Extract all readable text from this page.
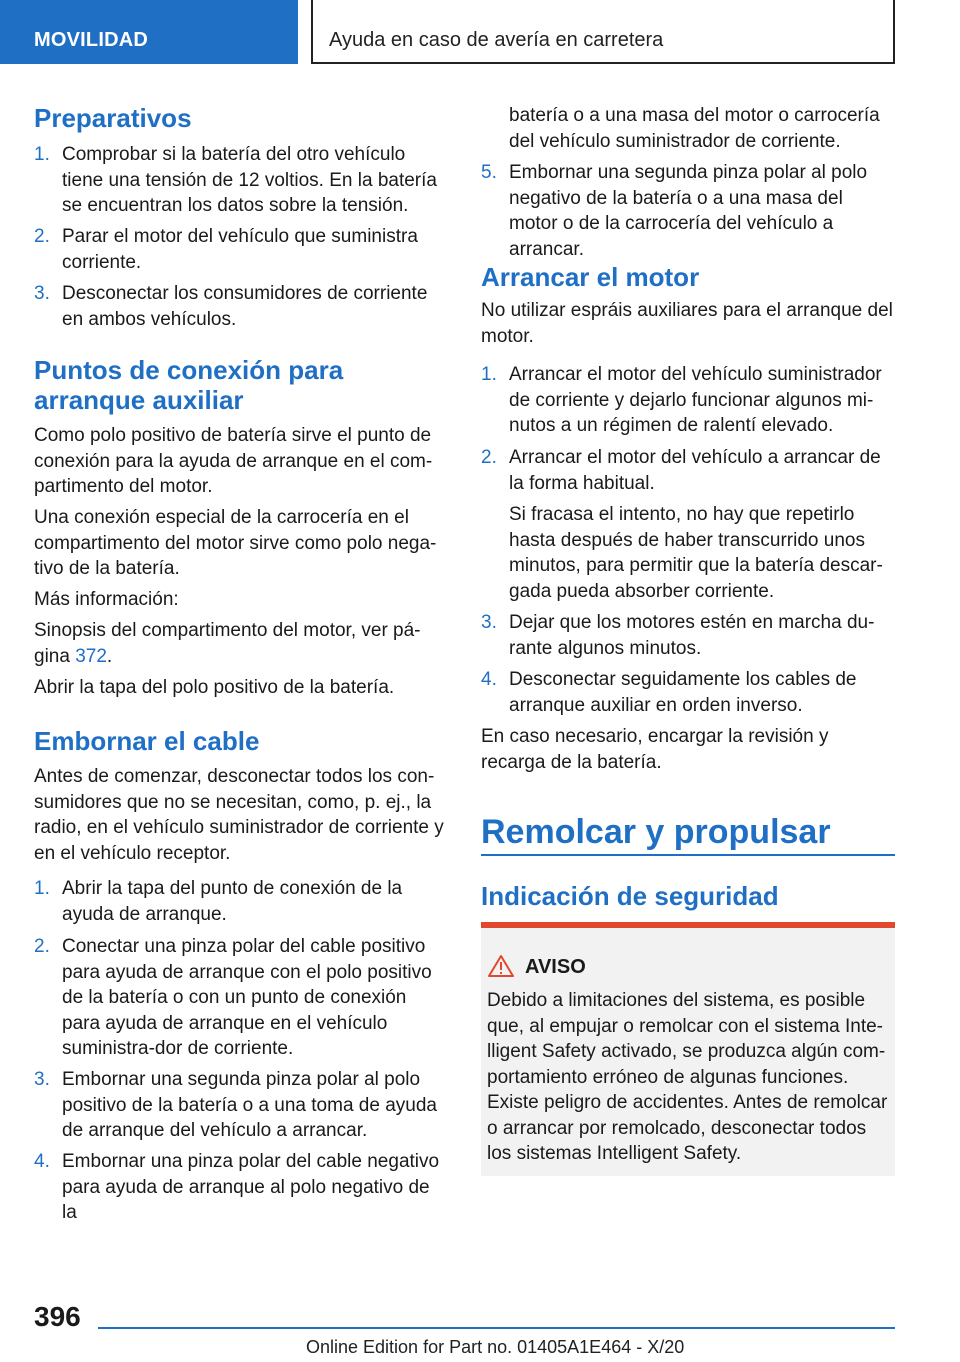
MOVILIDAD	Ayuda en caso de avería en carretera
Preparativos
1. Comprobar si la batería del otro vehículo tiene una tensión de 12 voltios. En la batería se encuentran los datos sobre la tensión.
2. Parar el motor del vehículo que suministra corriente.
3. Desconectar los consumidores de corriente en ambos vehículos.
Puntos de conexión para
arranque auxiliar

Como polo positivo de batería sirve el punto de conexión para la ayuda de arranque en el com‐partimento del motor.

Una conexión especial de la carrocería en el compartimento del motor sirve como polo nega‐tivo de la batería.

Más información:

Sinopsis del compartimento del motor, ver pá‐gina 372.

Abrir la tapa del polo positivo de la batería.

Embornar el cable

Antes de comenzar, desconectar todos los con‐sumidores que no se necesitan, como, p. ej., la radio, en el vehículo suministrador de corriente y en el vehículo receptor.

1. Abrir la tapa del punto de conexión de la ayuda de arranque.
2. Conectar una pinza polar del cable positivo para ayuda de arranque con el polo positivo de la batería o con un punto de conexión para ayuda de arranque en el vehículo suministra‐dor de corriente.
3. Embornar una segunda pinza polar al polo positivo de la batería o a una toma de ayuda de arranque del vehículo a arrancar.
4. Embornar una pinza polar del cable negativo para ayuda de arranque al polo negativo de la
batería o a una masa del motor o carrocería del vehículo suministrador de corriente.
5. Embornar una segunda pinza polar al polo negativo de la batería o a una masa del motor o de la carrocería del vehículo a arrancar.
Arrancar el motor

No utilizar espráis auxiliares para el arranque del motor.

1. Arrancar el motor del vehículo suministrador de corriente y dejarlo funcionar algunos mi‐nutos a un régimen de ralentí elevado.
2. Arrancar el motor del vehículo a arrancar de la forma habitual.
Si fracasa el intento, no hay que repetirlo hasta después de haber transcurrido unos minutos, para permitir que la batería descar‐gada pueda absorber corriente.
3. Dejar que los motores estén en marcha du‐rante algunos minutos.
4. Desconectar seguidamente los cables de arranque auxiliar en orden inverso.

En caso necesario, encargar la revisión y recarga de la batería.

Remolcar y propulsar
Indicación de seguridad
AVISO
Debido a limitaciones del sistema, es posible que, al empujar o remolcar con el sistema Inte‐lligent Safety activado, se produzca algún com‐portamiento erróneo de algunas funciones. Existe peligro de accidentes. Antes de remolcar o arrancar por remolcado, desconectar todos los sistemas Intelligent Safety.
396
Online Edition for Part no. 01405A1E464 - X/20
